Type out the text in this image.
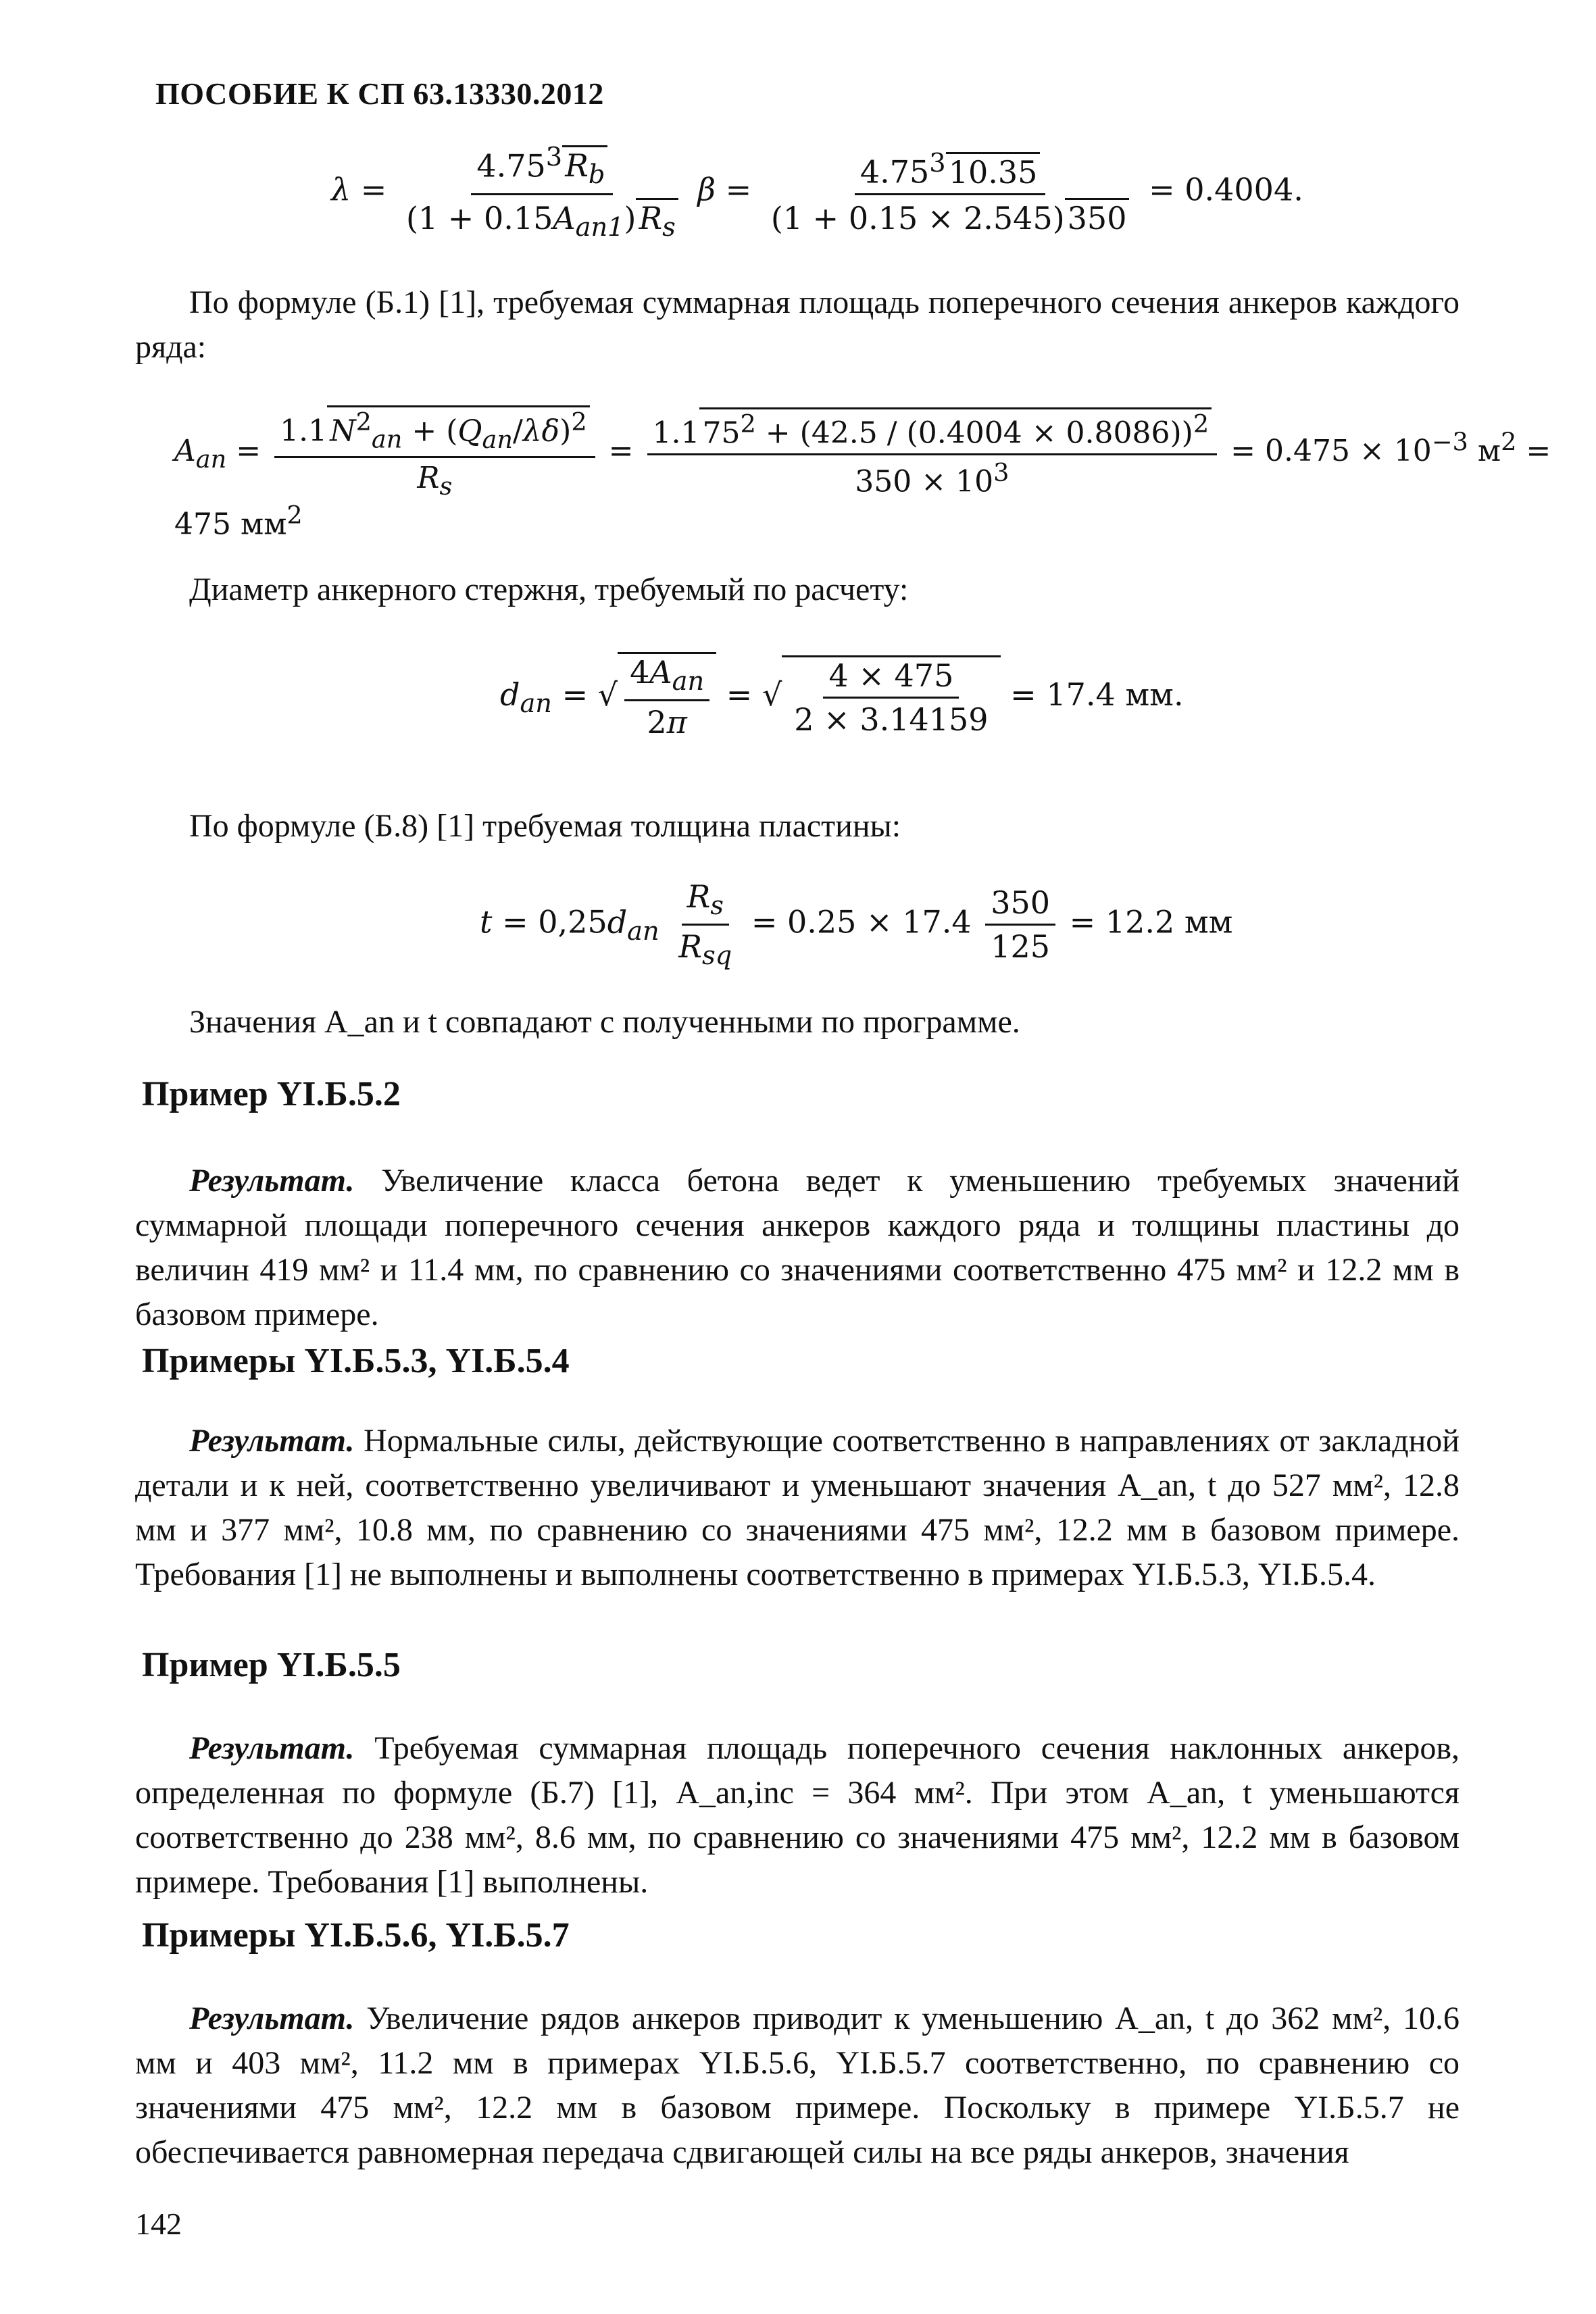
ПОСОБИЕ К СП 63.13330.2012
$\lambda = \frac{4.75^3R_b}{(1 + 0.15A_{an1})R_s}$ $\beta = \frac{4.75^310.35}{(1 + 0.15 \times 2.545)350} = 0.4004$.
По формуле (Б.1) [1], требуемая суммарная площадь поперечного сечения анкеров каждого ряда:
$A_{an} = \frac{1.1N^2_{an} + (Q_{an}/\lambda\delta)^2}{R_s} = \frac{1.175^2 + (42.5 / (0.4004 \times 0.8086))^2}{350 \times 10^3} = 0.475 \times 10^{-3}$ $м^2 = 475$ $мм^2$
Диаметр анкерного стержня, требуемый по расчету:
$d_{an}$ = √ $\frac{4A_{an}}{2\pi}$ = √ $\frac{4 \times 475}{2 \times 3.14159} = 17.4$ мм.
По формуле (Б.8) [1] требуемая толщина пластины:
$t = 0,25d_{an} \frac{R_s}{R_{sq}} = 0.25 \times 17.4 \frac{350}{125} = 12.2$ мм
Значения A_an и t совпадают с полученными по программе.
Пример YI.Б.5.2
Результат. Увеличение класса бетона ведет к уменьшению требуемых значений суммарной площади поперечного сечения анкеров каждого ряда и толщины пластины до величин 419 мм² и 11.4 мм, по сравнению со значениями соответственно 475 мм² и 12.2 мм в базовом примере.
Примеры YI.Б.5.3, YI.Б.5.4
Результат. Нормальные силы, действующие соответственно в направлениях от закладной детали и к ней, соответственно увеличивают и уменьшают значения A_an, t до 527 мм², 12.8 мм и 377 мм², 10.8 мм, по сравнению со значениями 475 мм², 12.2 мм в базовом примере. Требования [1] не выполнены и выполнены соответственно в примерах YI.Б.5.3, YI.Б.5.4.
Пример YI.Б.5.5
Результат. Требуемая суммарная площадь поперечного сечения наклонных анкеров, определенная по формуле (Б.7) [1], A_an,inc = 364 мм². При этом A_an, t уменьшаются соответственно до 238 мм², 8.6 мм, по сравнению со значениями 475 мм², 12.2 мм в базовом примере. Требования [1] выполнены.
Примеры YI.Б.5.6, YI.Б.5.7
Результат. Увеличение рядов анкеров приводит к уменьшению A_an, t до 362 мм², 10.6 мм и 403 мм², 11.2 мм в примерах YI.Б.5.6, YI.Б.5.7 соответственно, по сравнению со значениями 475 мм², 12.2 мм в базовом примере. Поскольку в примере YI.Б.5.7 не обеспечивается равномерная передача сдвигающей силы на все ряды анкеров, значения
142
